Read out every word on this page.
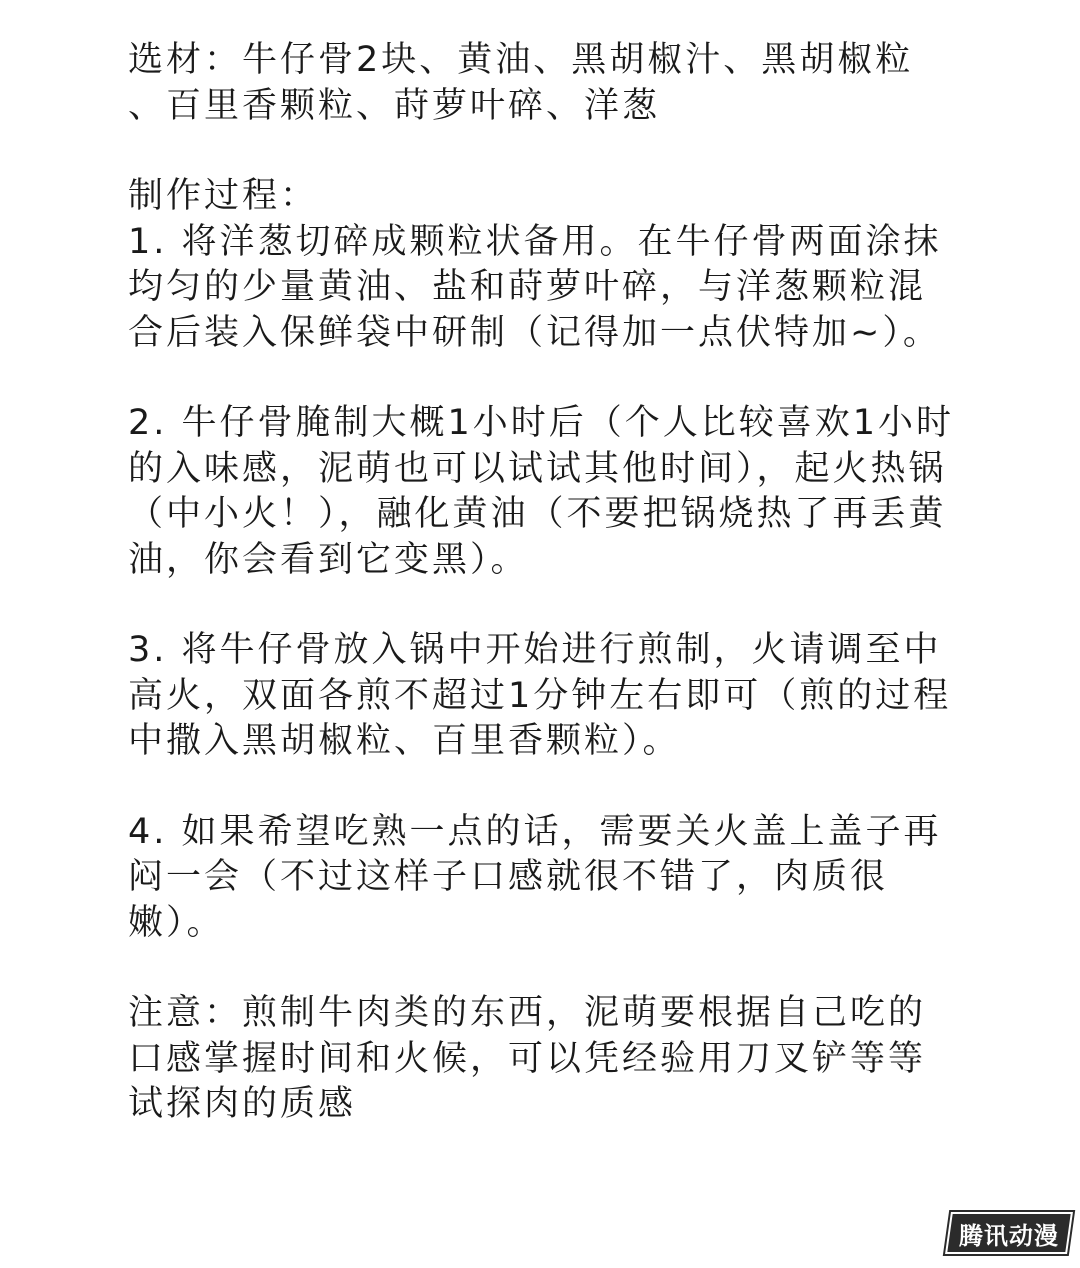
选材：牛仔骨2块、黄油、黑胡椒汁、黑胡椒粒
、百里香颗粒、莳萝叶碎、洋葱
制作过程：
1. 将洋葱切碎成颗粒状备用。在牛仔骨两面涂抹均匀的少量黄油、盐和莳萝叶碎，与洋葱颗粒混合后装入保鲜袋中研制（记得加一点伏特加~）。
2. 牛仔骨腌制大概1小时后（个人比较喜欢1小时的入味感，泥萌也可以试试其他时间），起火热锅（中小火！），融化黄油（不要把锅烧热了再丢黄油，你会看到它变黑）。
3. 将牛仔骨放入锅中开始进行煎制，火请调至中高火，双面各煎不超过1分钟左右即可（煎的过程中撒入黑胡椒粒、百里香颗粒）。
4. 如果希望吃熟一点的话，需要关火盖上盖子再闷一会（不过这样子口感就很不错了，肉质很嫩）。
注意：煎制牛肉类的东西，泥萌要根据自己吃的口感掌握时间和火候，可以凭经验用刀叉铲等等试探肉的质感
腾讯动漫
